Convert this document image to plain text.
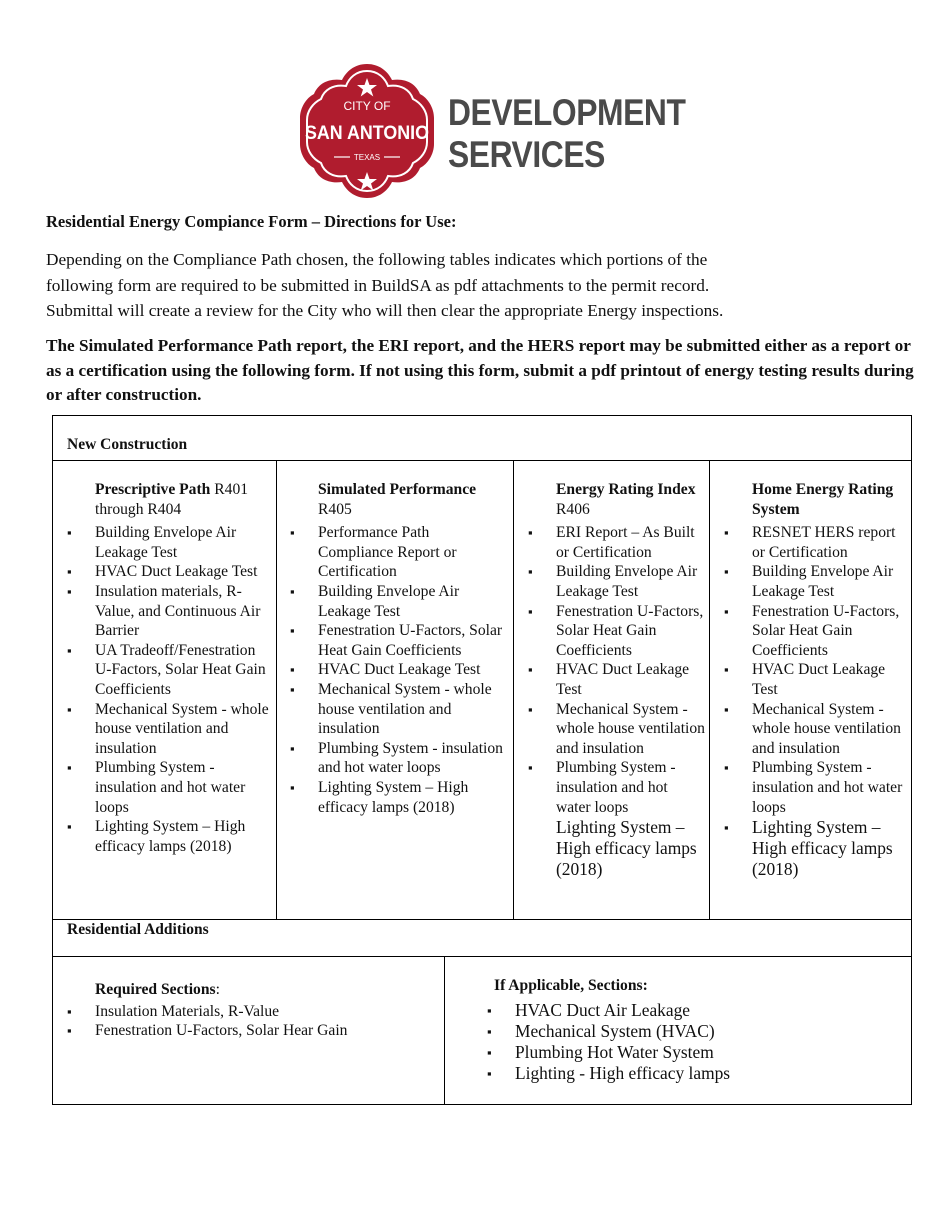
CITY OF
SAN ANTONIO
TEXAS
DEVELOPMENT
SERVICES
Residential Energy Compiance Form – Directions for Use:
Depending on the Compliance Path chosen, the following tables indicates which portions of the
following form are required to be submitted in BuildSA as pdf attachments to the permit record.
Submittal will create a review for the City who will then clear the appropriate Energy inspections.
The Simulated Performance Path report, the ERI report, and the HERS report may be submitted either as a report or as a certification using the following form. If not using this form, submit a pdf printout of energy testing results during or after construction.
New Construction
Prescriptive Path R401 through R404
▪ Building Envelope Air Leakage Test
▪ HVAC Duct Leakage Test
▪ Insulation materials, R-Value, and Continuous Air Barrier
▪ UA Tradeoff/Fenestration U-Factors, Solar Heat Gain Coefficients
▪ Mechanical System - whole house ventilation and insulation
▪ Plumbing System - insulation and hot water loops
▪ Lighting System – High efficacy lamps (2018)
Simulated Performance
R405
▪ Performance Path Compliance Report or Certification
▪ Building Envelope Air Leakage Test
▪ Fenestration U-Factors, Solar Heat Gain Coefficients
▪ HVAC Duct Leakage Test
▪ Mechanical System - whole house ventilation and insulation
▪ Plumbing System - insulation and hot water loops
▪ Lighting System – High efficacy lamps (2018)
Energy Rating Index R406
▪ ERI Report – As Built or Certification
▪ Building Envelope Air Leakage Test
▪ Fenestration U-Factors, Solar Heat Gain Coefficients
▪ HVAC Duct Leakage Test
▪ Mechanical System - whole house ventilation and insulation
▪ Plumbing System - insulation and hot water loops
Lighting System – High efficacy lamps (2018)
Home Energy Rating System
▪ RESNET HERS report or Certification
▪ Building Envelope Air Leakage Test
▪ Fenestration U-Factors, Solar Heat Gain Coefficients
▪ HVAC Duct Leakage Test
▪ Mechanical System - whole house ventilation and insulation
▪ Plumbing System - insulation and hot water loops
▪ Lighting System – High efficacy lamps (2018)
Residential Additions
Required Sections:
▪ Insulation Materials, R-Value
▪ Fenestration U-Factors, Solar Hear Gain
If Applicable, Sections:
▪ HVAC Duct Air Leakage
▪ Mechanical System (HVAC)
▪ Plumbing Hot Water System
▪ Lighting - High efficacy lamps
